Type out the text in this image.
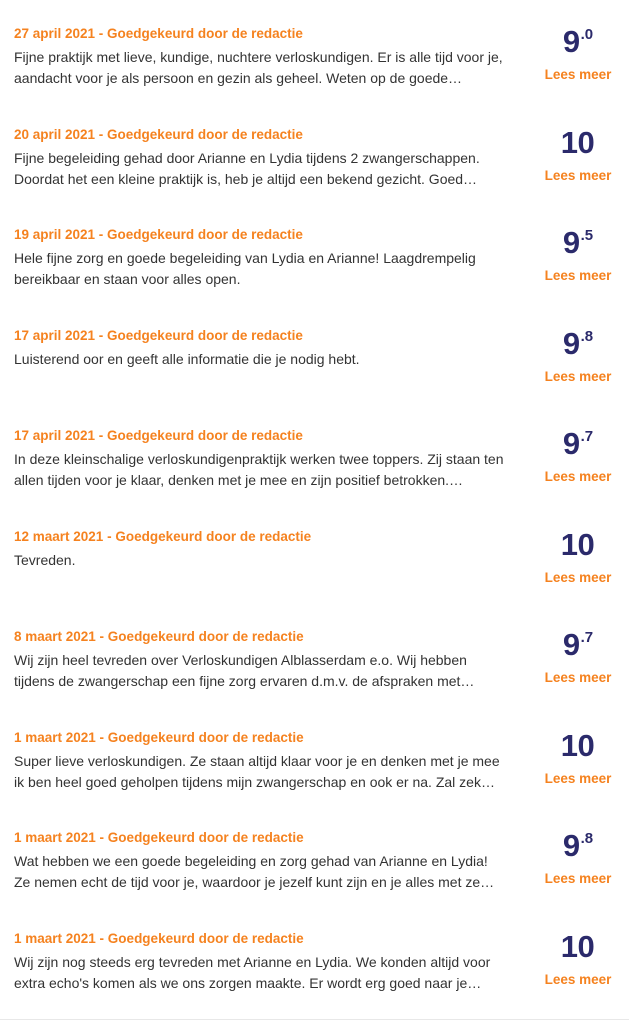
27 april 2021 - Goedgekeurd door de redactie
Fijne praktijk met lieve, kundige, nuchtere verloskundigen. Er is alle tijd voor je, aandacht voor je als persoon en gezin als geheel. Weten op de goede…
9.0
Lees meer
20 april 2021 - Goedgekeurd door de redactie
Fijne begeleiding gehad door Arianne en Lydia tijdens 2 zwangerschappen. Doordat het een kleine praktijk is, heb je altijd een bekend gezicht. Goed…
10
Lees meer
19 april 2021 - Goedgekeurd door de redactie
Hele fijne zorg en goede begeleiding van Lydia en Arianne! Laagdrempelig bereikbaar en staan voor alles open.
9.5
Lees meer
17 april 2021 - Goedgekeurd door de redactie
Luisterend oor en geeft alle informatie die je nodig hebt.	9.8
Lees meer
17 april 2021 - Goedgekeurd door de redactie
In deze kleinschalige verloskundigenpraktijk werken twee toppers. Zij staan ten allen tijden voor je klaar, denken met je mee en zijn positief betrokken.…
9.7
Lees meer
12 maart 2021 - Goedgekeurd door de redactie
Tevreden.	10
Lees meer
8 maart 2021 - Goedgekeurd door de redactie
Wij zijn heel tevreden over Verloskundigen Alblasserdam e.o. Wij hebben tijdens de zwangerschap een fijne zorg ervaren d.m.v. de afspraken met…
9.7
Lees meer
1 maart 2021 - Goedgekeurd door de redactie
Super lieve verloskundigen. Ze staan altijd klaar voor je en denken met je mee ik ben heel goed geholpen tijdens mijn zwangerschap en ook er na. Zal zek…
10
Lees meer
1 maart 2021 - Goedgekeurd door de redactie
Wat hebben we een goede begeleiding en zorg gehad van Arianne en Lydia! Ze nemen echt de tijd voor je, waardoor je jezelf kunt zijn en je alles met ze…
9.8
Lees meer
1 maart 2021 - Goedgekeurd door de redactie
Wij zijn nog steeds erg tevreden met Arianne en Lydia. We konden altijd voor extra echo's komen als we ons zorgen maakte. Er wordt erg goed naar je…
10
Lees meer
